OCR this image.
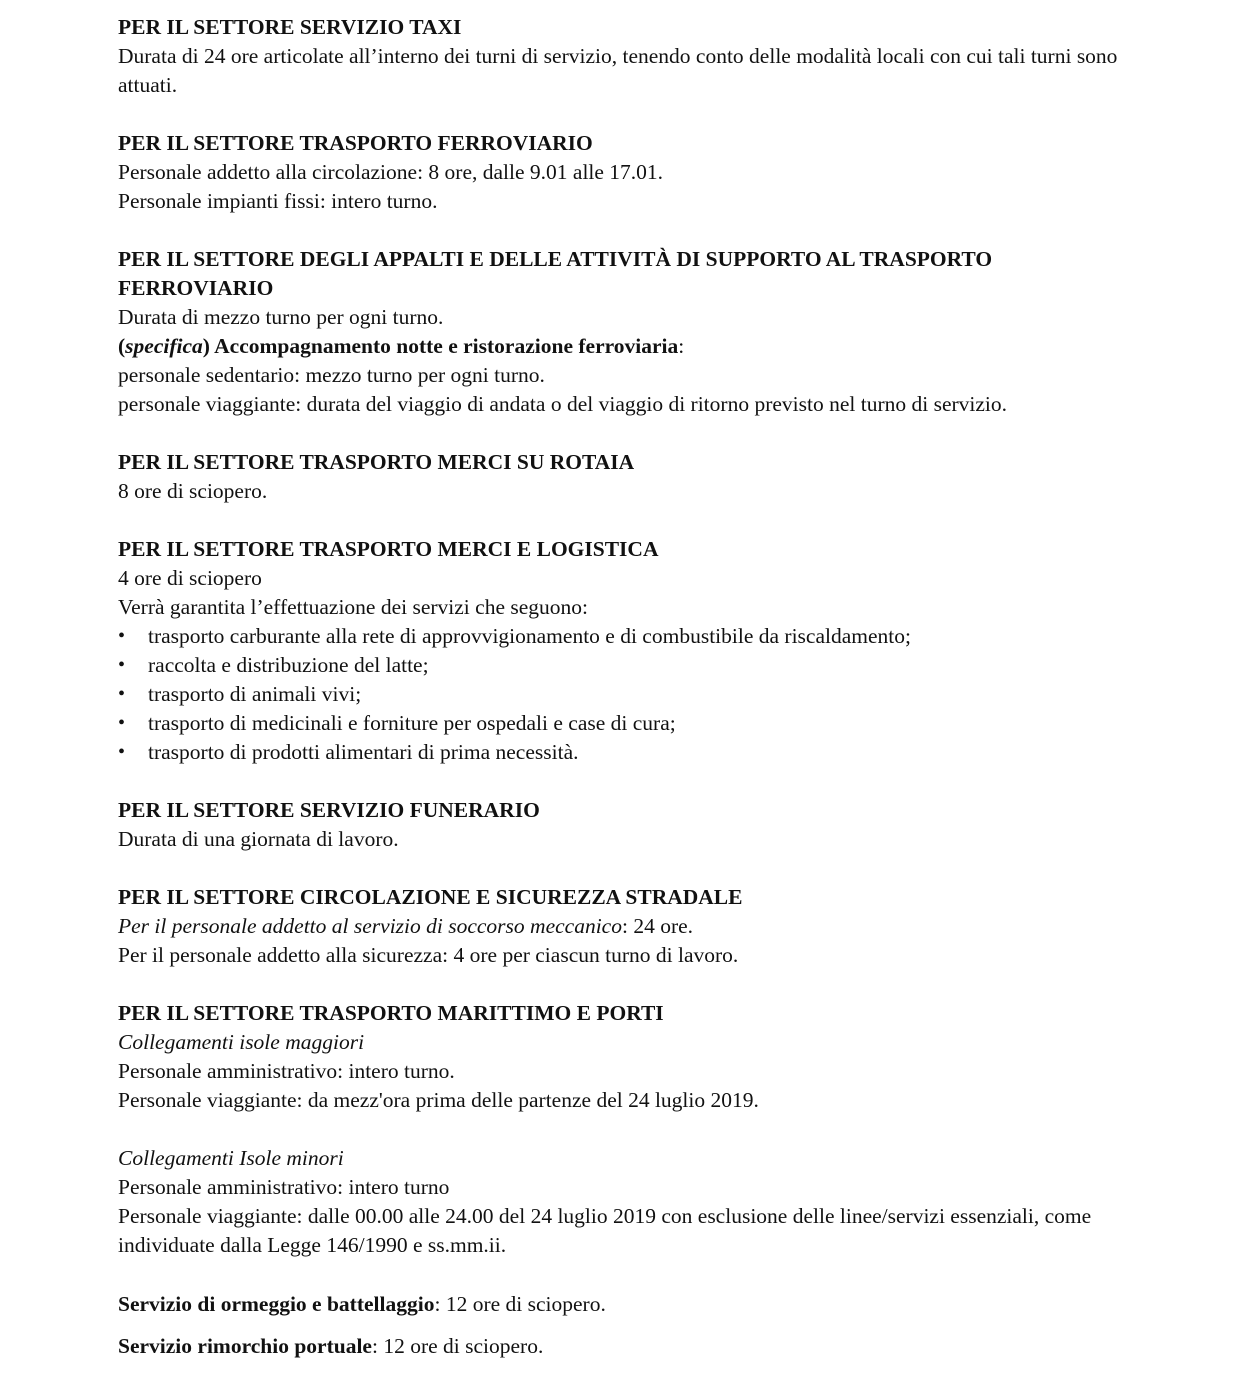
PER IL SETTORE SERVIZIO TAXI

Durata di 24 ore articolate all’interno dei turni di servizio, tenendo conto delle modalità locali con cui tali turni sono attuati.

PER IL SETTORE TRASPORTO FERROVIARIO

Personale addetto alla circolazione: 8 ore, dalle 9.01 alle 17.01.

Personale impianti fissi: intero turno.

PER IL SETTORE DEGLI APPALTI E DELLE ATTIVITÀ DI SUPPORTO AL TRASPORTO FERROVIARIO

Durata di mezzo turno per ogni turno.

(specifica) Accompagnamento notte e ristorazione ferroviaria:

personale sedentario: mezzo turno per ogni turno.

personale viaggiante: durata del viaggio di andata o del viaggio di ritorno previsto nel turno di servizio.

PER IL SETTORE TRASPORTO MERCI SU ROTAIA

8 ore di sciopero.

PER IL SETTORE TRASPORTO MERCI E LOGISTICA

4 ore di sciopero

Verrà garantita l’effettuazione dei servizi che seguono:

• trasporto carburante alla rete di approvvigionamento e di combustibile da riscaldamento;
• raccolta e distribuzione del latte;
• trasporto di animali vivi;
• trasporto di medicinali e forniture per ospedali e case di cura;
• trasporto di prodotti alimentari di prima necessità.

PER IL SETTORE SERVIZIO FUNERARIO

Durata di una giornata di lavoro.

PER IL SETTORE CIRCOLAZIONE E SICUREZZA STRADALE

Per il personale addetto al servizio di soccorso meccanico: 24 ore.

Per il personale addetto alla sicurezza: 4 ore per ciascun turno di lavoro.

PER IL SETTORE TRASPORTO MARITTIMO E PORTI

Collegamenti isole maggiori

Personale amministrativo: intero turno.

Personale viaggiante: da mezz'ora prima delle partenze del 24 luglio 2019.

Collegamenti Isole minori

Personale amministrativo: intero turno

Personale viaggiante: dalle 00.00 alle 24.00 del 24 luglio 2019 con esclusione delle linee/servizi essenziali, come individuate dalla Legge 146/1990 e ss.mm.ii.

Servizio di ormeggio e battellaggio: 12 ore di sciopero.

Servizio rimorchio portuale: 12 ore di sciopero.
